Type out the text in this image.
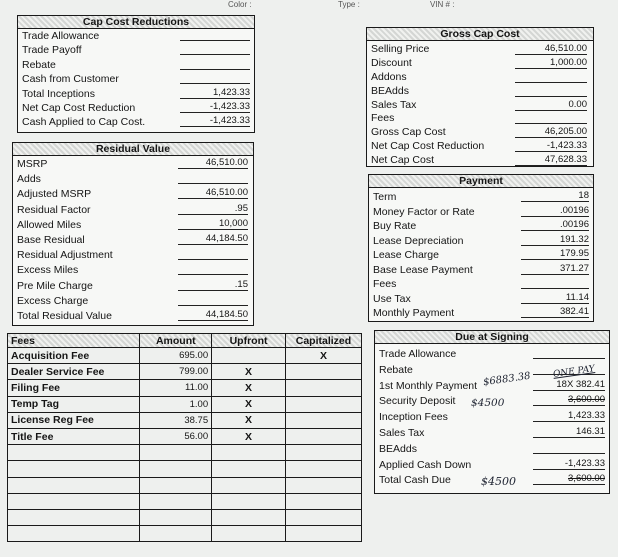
Color :	Type :	VIN # :
Cap Cost Reductions
Trade Allowance
Trade Payoff
Rebate
Cash from Customer
Total Inceptions	1,423.33
Net Cap Cost Reduction	-1,423.33
Cash Applied to Cap Cost.	-1,423.33
Gross Cap Cost
Selling Price	46,510.00
Discount	1,000.00
Addons
BEAdds
Sales Tax	0.00
Fees
Gross Cap Cost	46,205.00
Net Cap Cost Reduction	-1,423.33
Net Cap Cost	47,628.33
Residual Value
MSRP	46,510.00
Adds
Adjusted MSRP	46,510.00
Residual Factor	.95
Allowed Miles	10,000
Base Residual	44,184.50
Residual Adjustment
Excess Miles
Pre Mile Charge	.15
Excess Charge
Total Residual Value	44,184.50
Payment
Term	18
Money Factor or Rate	.00196
Buy Rate	.00196
Lease Depreciation	191.32
Lease Charge	179.95
Base Lease Payment	371.27
Fees
Use Tax	11.14
Monthly Payment	382.41
Fees	Amount	Upfront	Capitalized
Acquisition Fee	695.00		X
Dealer Service Fee	799.00	X	
Filing Fee	11.00	X	
Temp Tag	1.00	X	
License Reg Fee	38.75	X	
Title Fee	56.00	X	

Due at Signing
Trade Allowance
Rebate
1st Monthly Payment	18X 382.41
Security Deposit	3,600.00
Inception Fees	1,423.33
Sales Tax	146.31
BEAdds
Applied Cash Down	-1,423.33
Total Cash Due	3,600.00
$6883.38 ONE PAY
$4500
$4500
